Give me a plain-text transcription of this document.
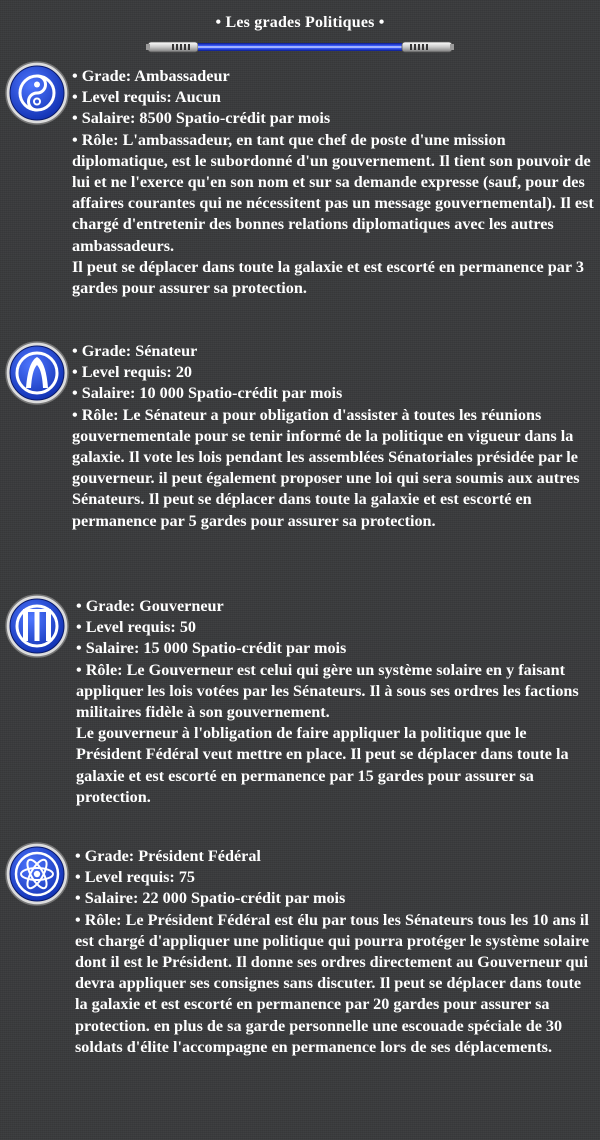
• Les grades Politiques •
• Grade: Ambassadeur
• Level requis: Aucun
• Salaire: 8500 Spatio-crédit par mois
• Rôle: L'ambassadeur, en tant que chef de poste d'une mission diplomatique, est le subordonné d'un gouvernement. Il tient son pouvoir de lui et ne l'exerce qu'en son nom et sur sa demande expresse (sauf, pour des affaires courantes qui ne nécessitent pas un message gouvernemental). Il est chargé d'entretenir des bonnes relations diplomatiques avec les autres ambassadeurs.
Il peut se déplacer dans toute la galaxie et est escorté en permanence par 3 gardes pour assurer sa protection.
• Grade: Sénateur
• Level requis: 20
• Salaire: 10 000 Spatio-crédit par mois
• Rôle: Le Sénateur a pour obligation d'assister à toutes les réunions gouvernementale pour se tenir informé de la politique en vigueur dans la galaxie. Il vote les lois pendant les assemblées Sénatoriales présidée par le gouverneur. il peut également proposer une loi qui sera soumis aux autres Sénateurs. Il peut se déplacer dans toute la galaxie et est escorté en permanence par 5 gardes pour assurer sa protection.
• Grade: Gouverneur
• Level requis: 50
• Salaire: 15 000 Spatio-crédit par mois
• Rôle: Le Gouverneur est celui qui gère un système solaire en y faisant appliquer les lois votées par les Sénateurs. Il à sous ses ordres les factions militaires fidèle à son gouvernement.
Le gouverneur à l'obligation de faire appliquer la politique que le Président Fédéral veut mettre en place. Il peut se déplacer dans toute la galaxie et est escorté en permanence par 15 gardes pour assurer sa protection.
• Grade: Président Fédéral
• Level requis: 75
• Salaire: 22 000 Spatio-crédit par mois
• Rôle: Le Président Fédéral est élu par tous les Sénateurs tous les 10 ans il est chargé d'appliquer une politique qui pourra protéger le système solaire dont il est le Président. Il donne ses ordres directement au Gouverneur qui devra appliquer ses consignes sans discuter. Il peut se déplacer dans toute la galaxie et est escorté en permanence par 20 gardes pour assurer sa protection. en plus de sa garde personnelle une escouade spéciale de 30 soldats d'élite l'accompagne en permanence lors de ses déplacements.
